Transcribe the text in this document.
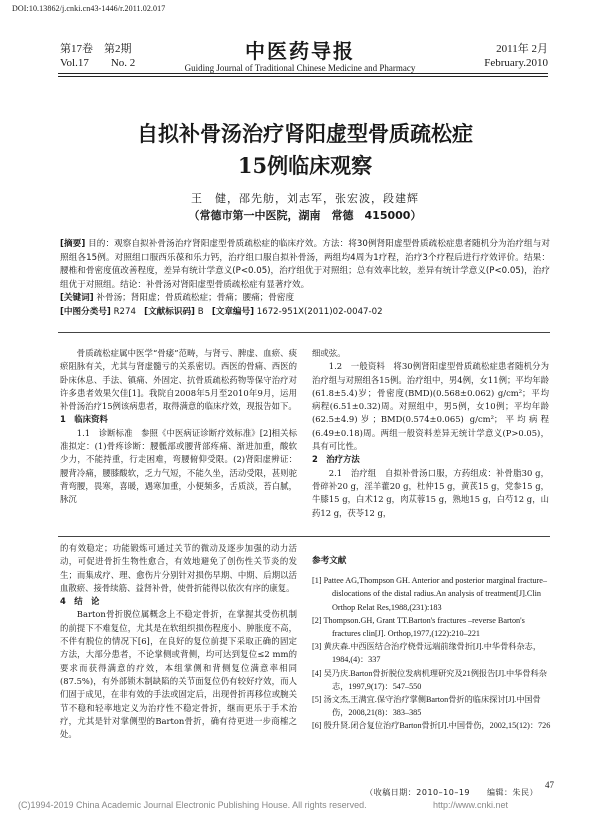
DOI:10.13862/j.cnki.cn43-1446/r.2011.02.017
第17卷　第2期
Vol.17　　No. 2	中医药导报
Guiding Journal of Traditional Chinese Medicine and Pharmacy
2011年 2月
February.2010
自拟补骨汤治疗肾阳虚型骨质疏松症
15例临床观察
王　健，邵先舫，刘志军，张宏波，段建辉
（常德市第一中医院，湖南　常德　415000）
[摘要] 目的：观察自拟补骨汤治疗肾阳虚型骨质疏松症的临床疗效。方法：将30例肾阳虚型骨质疏松症患者随机分为治疗组与对照组各15例。对照组口服西乐葆和乐力钙，治疗组口服自拟补骨汤，两组均4周为1疗程，治疗3个疗程后进行疗效评价。结果：腰椎和骨密度值改善程度，差异有统计学意义(P<0.05)，治疗组优于对照组；总有效率比较，差异有统计学意义(P<0.05)，治疗组优于对照组。结论：补骨汤对肾阳虚型骨质疏松症有显著疗效。
[关键词] 补骨汤；肾阳虚；骨质疏松症；骨痛；腰痛；骨密度
[中图分类号] R274 [文献标识码] B [文章编号] 1672-951X(2011)02-0047-02

骨质疏松症属中医学“骨痿”范畴，与肾亏、脾虚、血瘀、痰瘀阻脉有关，尤其与肾虚髓亏的关系密切。西医的骨痛、西医的卧床休息、手法、镇痛、外固定、抗骨质疏松药物等保守治疗对许多患者效果欠佳[1]。我院自2008年5月至2010年9月，运用补骨汤治疗15例该病患者，取得满意的临床疗效，现报告如下。

1　临床资料

1.1　诊断标准　参照《中医病证诊断疗效标准》[2]相关标准拟定：(1)骨疼诊断：腰骶部或腰背部疼痛、渐进加重，酸软少力，不能持重，行走困难，弯腰俯仰受限。(2)肾阳虚辨证：腰背冷痛，腰膝酸软，乏力气短，不能久坐，活动受限，甚则驼背弯腰，畏寒，喜暖，遇寒加重，小便频多，舌质淡，苔白腻，脉沉

细或弦。

1.2　一般资料　将30例肾阳虚型骨质疏松症患者随机分为治疗组与对照组各15例。治疗组中，男4例，女11例；平均年龄(61.8±5.4)岁；骨密度(BMD)(0.568±0.062) g/cm²；平均病程(6.51±0.32)周。对照组中，男5例，女10例；平均年龄(62.5±4.9)岁；BMD(0.574±0.065) g/cm²；平均病程(6.49±0.18)周。两组一般资料差异无统计学意义(P>0.05)，具有可比性。

2　治疗方法

2.1　治疗组　自拟补骨汤口服，方药组成：补骨脂30 g，骨碎补20 g，淫羊藿20 g，杜仲15 g，黄芪15 g，党参15 g，牛膝15 g，白术12 g，肉苁蓉15 g，熟地15 g，白芍12 g，山药12 g，茯苓12 g，

的有效稳定；功能锻炼可通过关节的微动及逐步加强的动力活动，可促进骨折生物性愈合，有效地避免了创伤性关节炎的发生；而集成疗、理、愈伤片分别针对损伤早期、中期、后期以活血散瘀、接骨续筋、益肾补骨，使骨折能得以依次有序的康复。

4　结　论

Barton骨折脱位属概念上不稳定骨折，在掌握其受伤机制的前提下不难复位，尤其是在软组织损伤程度小、肿胀度不高，不伴有脱位的情况下[6]，在良好的复位前提下采取正确的固定方法，大部分患者，不论掌侧或背侧，均可达到复位≤2 mm的要求而获得满意的疗效，本组掌侧和背侧复位满意率相同(87.5%)，有外部锁木制缺陷的关节面复位仍有较好疗效，而人们固于成见，在非有效的手法或固定后，出现骨折再移位或腕关节不稳和轻率地定义为治疗性不稳定骨折，继而更乐于手术治疗，尤其是针对掌侧型的Barton骨折，确有待更进一步商榷之处。

参考文献

[1] Pattee AG,Thompson GH. Anterior and posterior marginal fracture–dislocations of the distal radius.An analysis of treatment[J].Clin Orthop Relat Res,1988,(231):183

[2] Thompson.GH, Grant TT.Barton's fractures –reverse Barton's fractures clin[J]. Orthop,1977,(122):210–221

[3] 黄庆森.中西医结合治疗桡骨远端前缘骨折[J].中华骨科杂志，1984,(4)：337

[4] 吴乃庆.Barton骨折脱位发病机理研究及21例报告[J].中华骨科杂志，1997,9(17)：547–550

[5] 汤文杰,王满宜.保守治疗掌侧Barton骨折的临床探讨[J].中国骨伤，2008,21(8)：383–385

[6] 殷升贤.闭合复位治疗Barton骨折[J].中国骨伤，2002,15(12)：726

（收稿日期：2010–10–19　　编辑：朱民）
(C)1994-2019 China Academic Journal Electronic Publishing House. All rights reserved.	http://www.cnki.net
47
